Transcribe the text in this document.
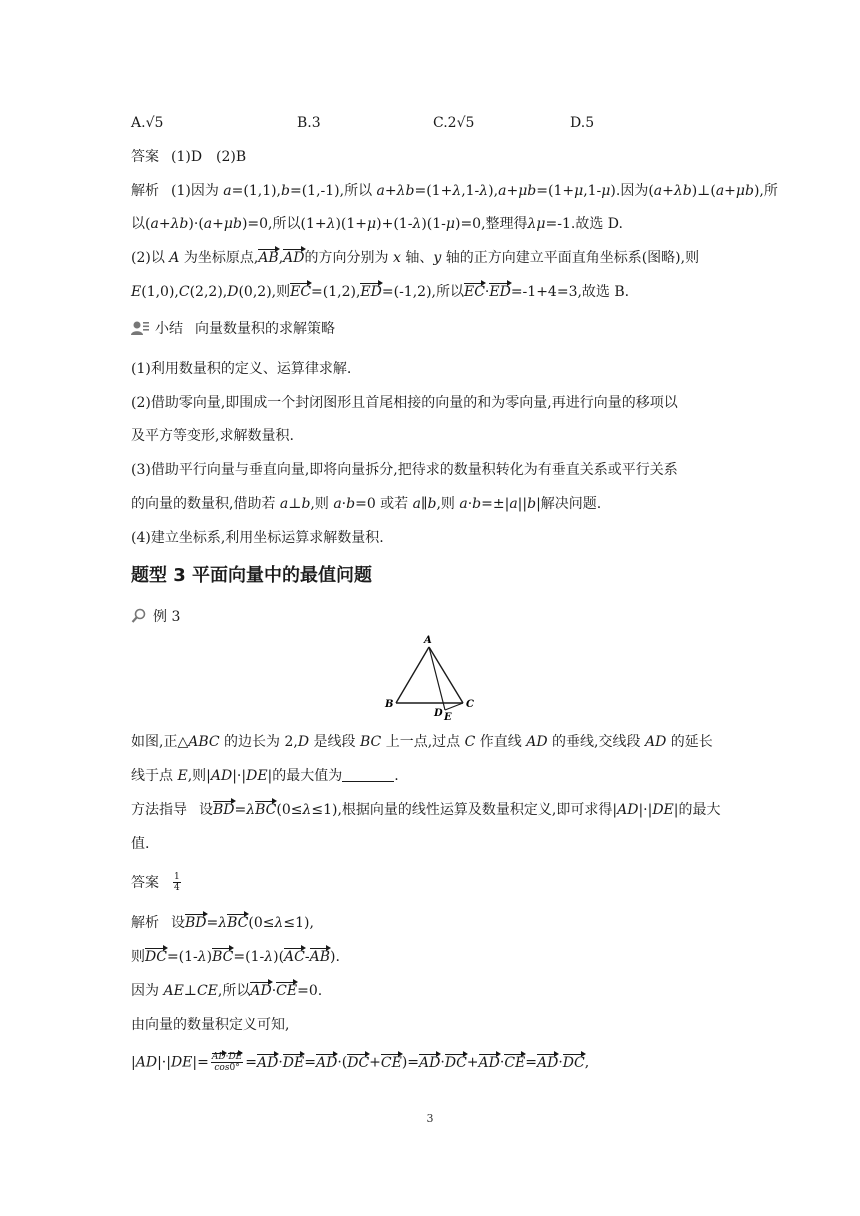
A.√5	B.3	C.2√5	D.5
答案 (1)D　(2)B
解析 (1)因为 a=(1,1),b=(1,-1),所以 a+λb=(1+λ,1-λ),a+μb=(1+μ,1-μ).因为(a+λb)⊥(a+μb),所
以(a+λb)·(a+μb)=0,所以(1+λ)(1+μ)+(1-λ)(1-μ)=0,整理得λμ=-1.故选 D.
(2)以 A 为坐标原点,AB,AD的方向分别为 x 轴、y 轴的正方向建立平面直角坐标系(图略),则
E(1,0),C(2,2),D(0,2),则EC=(1,2),ED=(-1,2),所以EC·ED=-1+4=3,故选 B.
小结 向量数量积的求解策略
(1)利用数量积的定义、运算律求解.
(2)借助零向量,即围成一个封闭图形且首尾相接的向量的和为零向量,再进行向量的移项以
及平方等变形,求解数量积.
(3)借助平行向量与垂直向量,即将向量拆分,把待求的数量积转化为有垂直关系或平行关系
的向量的数量积,借助若 a⊥b,则 a·b=0 或若 a∥b,则 a·b=±|a||b|解决问题.
(4)建立坐标系,利用坐标运算求解数量积.
题型 3 平面向量中的最值问题
例 3
A
B	C
D E
如图,正△ABC 的边长为 2,D 是线段 BC 上一点,过点 C 作直线 AD 的垂线,交线段 AD 的延长
线于点 E,则|AD|·|DE|的最大值为	.
方法指导 设BD=λBC(0≤λ≤1),根据向量的线性运算及数量积定义,即可求得|AD|·|DE|的最大
值.
答案 $\frac{1}{4}$
解析 设BD=λBC(0≤λ≤1),
则DC=(1-λ)BC=(1-λ)(AC-AB).
因为 AE⊥CE,所以AD·CE=0.
由向量的数量积定义可知,
$|AD|\cdot|DE|= \frac{AD\cdot DE}{\cos 0^\circ} =AD\cdot DE=AD\cdot(DC+CE)=AD\cdot DC+AD\cdot CE=AD\cdot DC$,
3
